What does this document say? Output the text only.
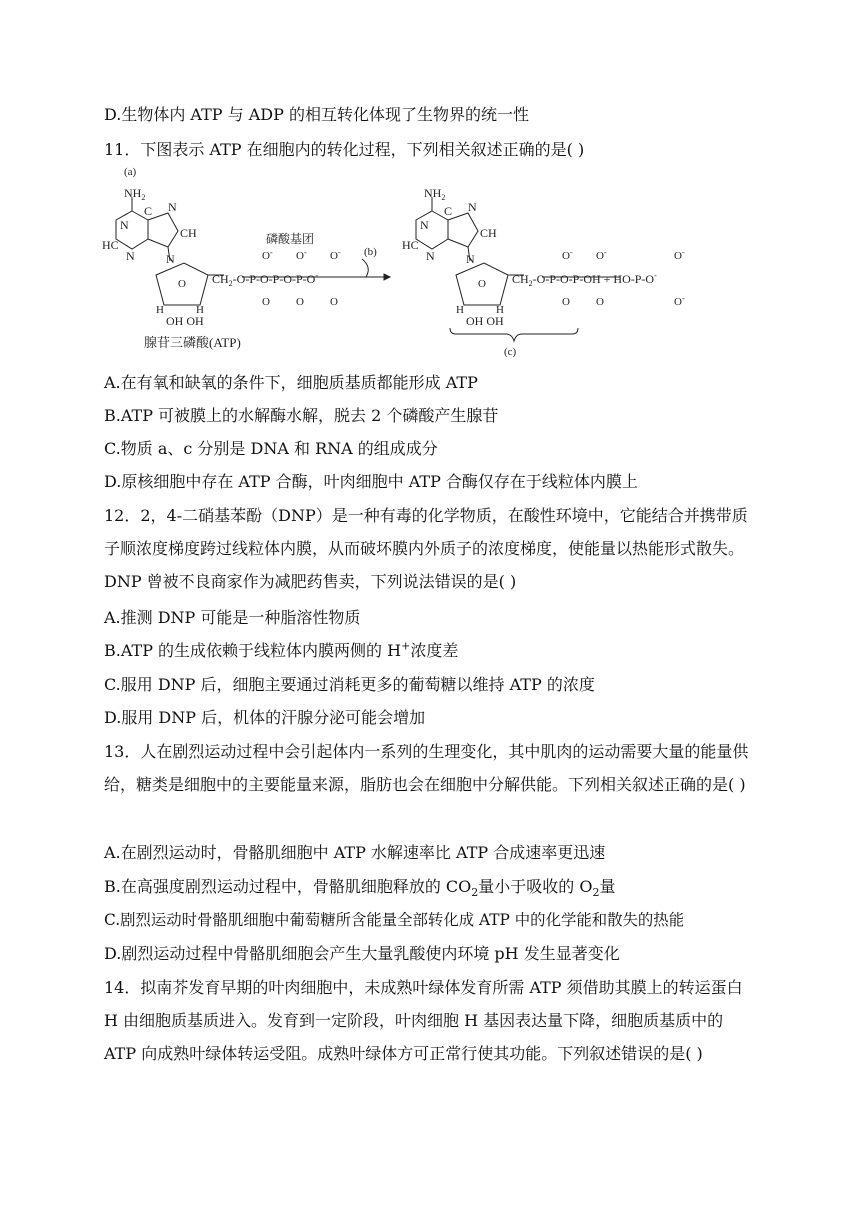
D.生物体内 ATP 与 ADP 的相互转化体现了生物界的统一性
11．下图表示 ATP 在细胞内的转化过程，下列相关叙述正确的是( )
(a)
$NH_2$
N
HC
N
C N
CH
N
O
H	H
OH OH
$CH_2-O-P-O-P-O-P-O^-$
O- O- O-
O O O
磷酸基团
(b)
腺苷三磷酸(ATP)
$NH_2$
N
HC
N
C N
CH
N
O
H	H
OH OH
$CH_2-O-P-O-P-OH + HO-P-O^-$
O- O-	O-
O O	O-
(c)
A.在有氧和缺氧的条件下，细胞质基质都能形成 ATP
B.ATP 可被膜上的水解酶水解，脱去 2 个磷酸产生腺苷
C.物质 a、c 分别是 DNA 和 RNA 的组成成分
D.原核细胞中存在 ATP 合酶，叶肉细胞中 ATP 合酶仅存在于线粒体内膜上
12．2，4-二硝基苯酚（DNP）是一种有毒的化学物质，在酸性环境中，它能结合并携带质子顺浓度梯度跨过线粒体内膜，从而破坏膜内外质子的浓度梯度，使能量以热能形式散失。DNP 曾被不良商家作为减肥药售卖，下列说法错误的是( )
A.推测 DNP 可能是一种脂溶性物质
B.ATP 的生成依赖于线粒体内膜两侧的 H+浓度差
C.服用 DNP 后，细胞主要通过消耗更多的葡萄糖以维持 ATP 的浓度
D.服用 DNP 后，机体的汗腺分泌可能会增加
13．人在剧烈运动过程中会引起体内一系列的生理变化，其中肌肉的运动需要大量的能量供给，糖类是细胞中的主要能量来源，脂肪也会在细胞中分解供能。下列相关叙述正确的是( )
A.在剧烈运动时，骨骼肌细胞中 ATP 水解速率比 ATP 合成速率更迅速
B.在高强度剧烈运动过程中，骨骼肌细胞释放的 $CO_2$量小于吸收的 $O_2$量
C.剧烈运动时骨骼肌细胞中葡萄糖所含能量全部转化成 ATP 中的化学能和散失的热能
D.剧烈运动过程中骨骼肌细胞会产生大量乳酸使内环境 pH 发生显著变化
14．拟南芥发育早期的叶肉细胞中，未成熟叶绿体发育所需 ATP 须借助其膜上的转运蛋白 H 由细胞质基质进入。发育到一定阶段，叶肉细胞 H 基因表达量下降，细胞质基质中的 ATP 向成熟叶绿体转运受阻。成熟叶绿体方可正常行使其功能。下列叙述错误的是( )
